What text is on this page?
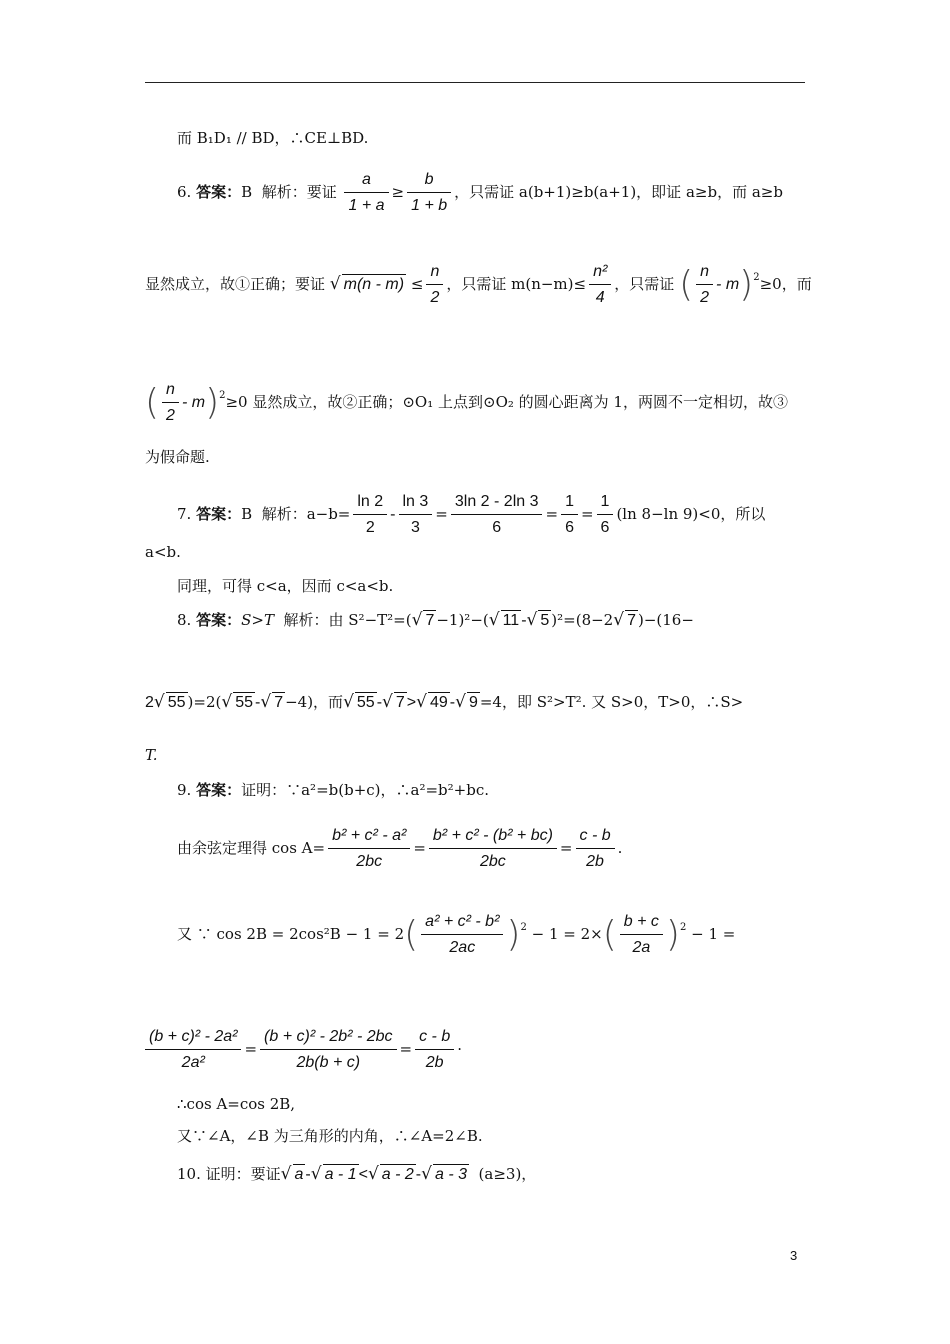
而 B₁D₁ // BD，∴CE⊥BD.
6. 答案：B 解析：要证 $\frac{a}{1 + a} \ge \frac{b}{1 + b}$ ，只需证 a(b+1)≥b(a+1)，即证 a≥b，而 a≥b
显然成立，故①正确；要证 √ $m(n - m) \le \frac{n}{2}$ ，只需证 $m(n-m)\le \frac{\text{n²}}{4}$ ，只需证 ( $\frac{n}{2} - m)^2\ge 0$，而
( $\frac{n}{2} - m)^2\ge 0$ 显然成立，故②正确；⊙O₁ 上点到⊙O₂ 的圆心距离为 1，两圆不一定相切，故③
为假命题.
7. 答案：B 解析：$a-b= \frac{\ln 2}{2} - \frac{\ln 3}{3} = \frac{3\ln 2 - 2\ln 3}{6} = \frac{1}{6} = \frac{1}{6} (\ln$ 8−ln 9)<0，所以
a<b.
同理，可得 c<a，因而 c<a<b.
8. 答案：S>T 解析：由 S²−T²=(√ 7 −1)²−(√ 11 -√ 5 )²=(8−2√ 7 )−(16−
2√ 55 )=2(√ 55 -√ 7 −4)，而√ 55 -√ 7 >√ 49 -√ 9 =4，即 S²>T². 又 S>0，T>0，∴S>
T.
9. 答案：证明：∵a²=b(b+c)，∴a²=b²+bc.
由余弦定理得 $\cos A= \frac{\text{b² + c² - a²}}{2bc} = \frac{\text{b² + c² - (b² + bc)}}{2bc} = \frac{c - b}{2b}$ .
又 ∵ $\cos 2B = 2\cos^2B - 1 = 2( \frac{\text{a² + c² - b²}}{2ac} )^2 - 1 = 2\times( \frac{b + c}{2a} )^2 - 1$ =
$\frac{\text{(b + c)² - 2a²}}{\text{2a²}} = \frac{\text{(b + c)² - 2b² - 2bc}}{2b(b + c)} = \frac{c - b}{2b}$ ·
∴cos A=cos 2B,
又∵∠A，∠B 为三角形的内角，∴∠A=2∠B.
10. 证明：要证√ a -√ a - 1 <√ a - 2 -√ a - 3 (a≥3)，
3
